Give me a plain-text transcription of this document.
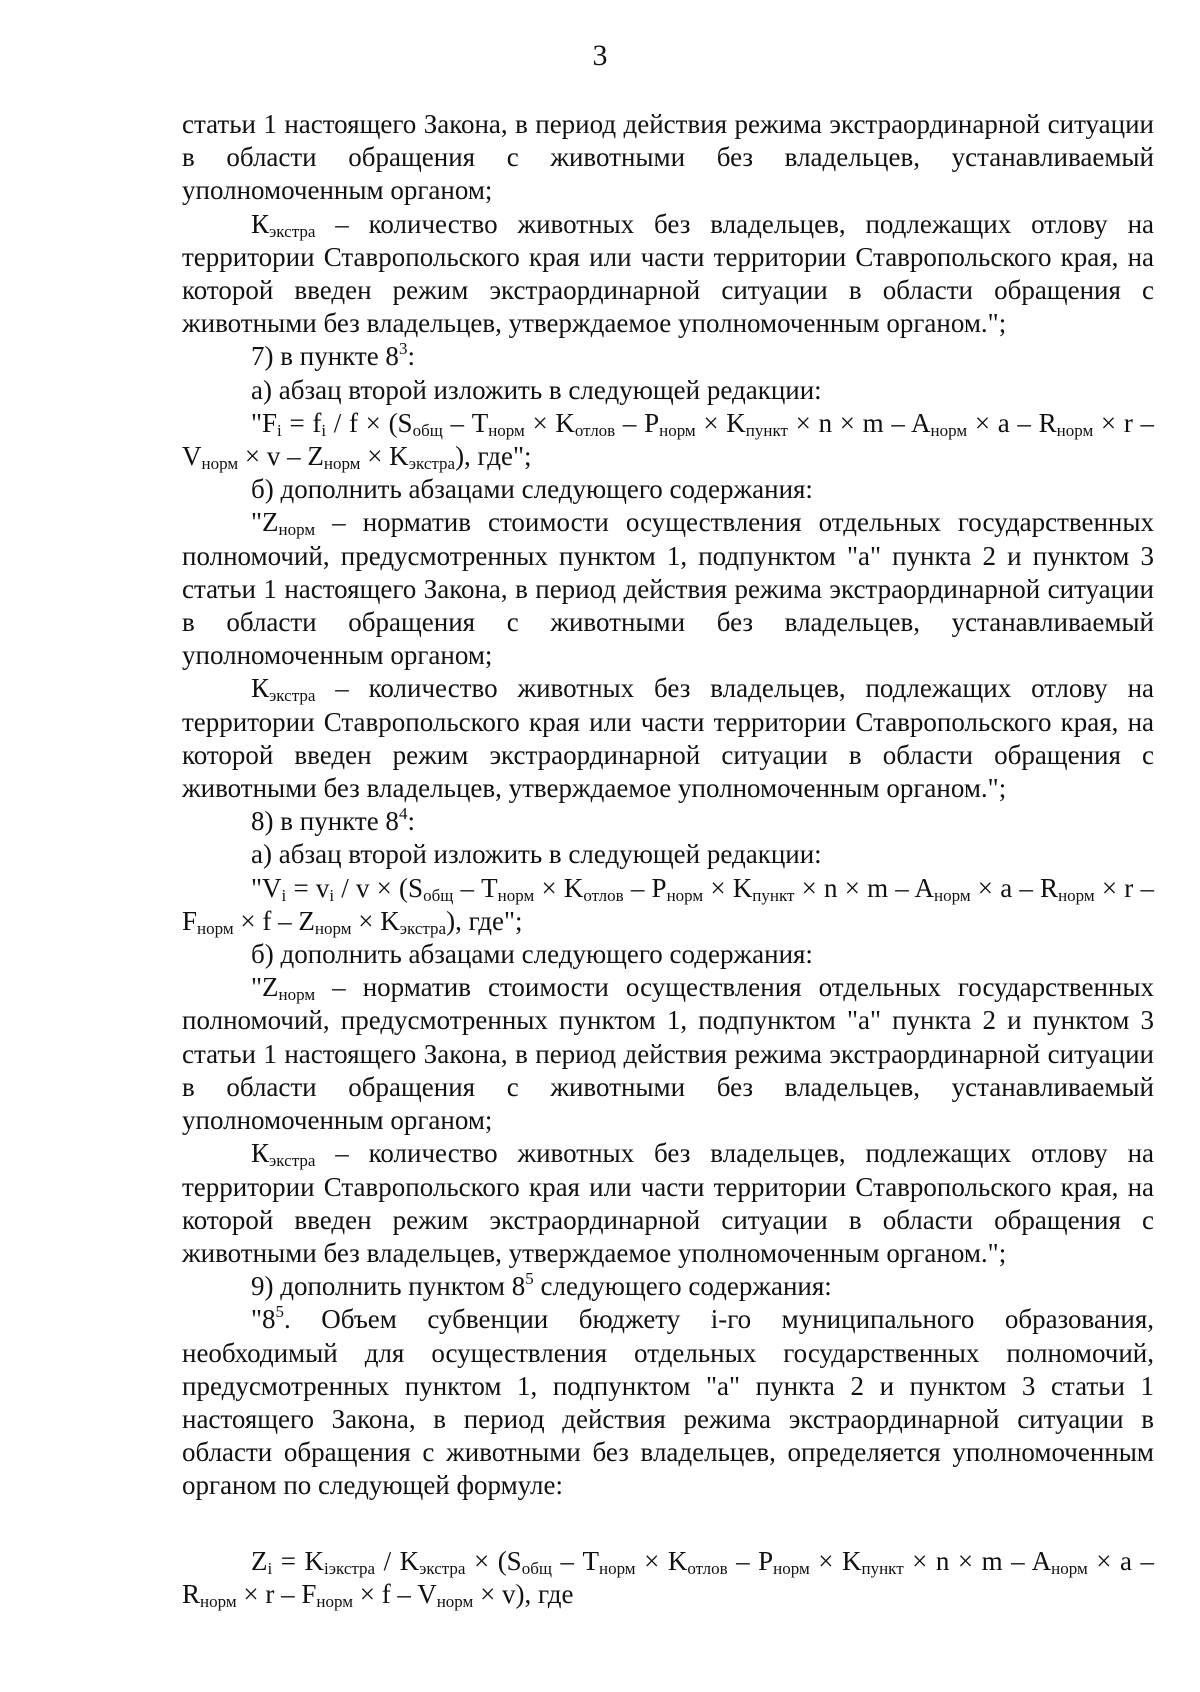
3

статьи 1 настоящего Закона, в период действия режима экстраординарной ситуации в области обращения с животными без владельцев, устанавливаемый уполномоченным органом;

$К_{экстра}$ – количество животных без владельцев, подлежащих отлову на территории Ставропольского края или части территории Ставропольского края, на которой введен режим экстраординарной ситуации в области обращения с животными без владельцев, утверждаемое уполномоченным органом.";

7) в пункте $8^3$:

а) абзац второй изложить в следующей редакции:

"$F_i = f_i / f \times (S_{общ} - T_{норм} \times K_{отлов} - P_{норм} \times K_{пункт} \times n \times m - A_{норм} \times a - R_{норм} \times r - V_{норм} \times v - Z_{норм} \times K_{экстра})$, где";

б) дополнить абзацами следующего содержания:

"$Z_{норм}$ – норматив стоимости осуществления отдельных государственных полномочий, предусмотренных пунктом 1, подпунктом "а" пункта 2 и пунктом 3 статьи 1 настоящего Закона, в период действия режима экстраординарной ситуации в области обращения с животными без владельцев, устанавливаемый уполномоченным органом;

$К_{экстра}$ – количество животных без владельцев, подлежащих отлову на территории Ставропольского края или части территории Ставропольского края, на которой введен режим экстраординарной ситуации в области обращения с животными без владельцев, утверждаемое уполномоченным органом.";

8) в пункте $8^4$:

а) абзац второй изложить в следующей редакции:

"$V_i = v_i / v \times (S_{общ} - T_{норм} \times K_{отлов} - P_{норм} \times K_{пункт} \times n \times m - A_{норм} \times a - R_{норм} \times r - F_{норм} \times f - Z_{норм} \times K_{экстра})$, где";

б) дополнить абзацами следующего содержания:

"$Z_{норм}$ – норматив стоимости осуществления отдельных государственных полномочий, предусмотренных пунктом 1, подпунктом "а" пункта 2 и пунктом 3 статьи 1 настоящего Закона, в период действия режима экстраординарной ситуации в области обращения с животными без владельцев, устанавливаемый уполномоченным органом;

$К_{экстра}$ – количество животных без владельцев, подлежащих отлову на территории Ставропольского края или части территории Ставропольского края, на которой введен режим экстраординарной ситуации в области обращения с животными без владельцев, утверждаемое уполномоченным органом.";

9) дополнить пунктом $8^5$ следующего содержания:

"$8^5$. Объем субвенции бюджету i-го муниципального образования, необходимый для осуществления отдельных государственных полномочий, предусмотренных пунктом 1, подпунктом "а" пункта 2 и пунктом 3 статьи 1 настоящего Закона, в период действия режима экстраординарной ситуации в области обращения с животными без владельцев, определяется уполномоченным органом по следующей формуле:

$Z_i = K_{iэкстра} / K_{экстра} \times (S_{общ} - T_{норм} \times K_{отлов} - P_{норм} \times K_{пункт} \times n \times m - A_{норм} \times a - R_{норм} \times r - F_{норм} \times f - V_{норм} \times v)$, где
